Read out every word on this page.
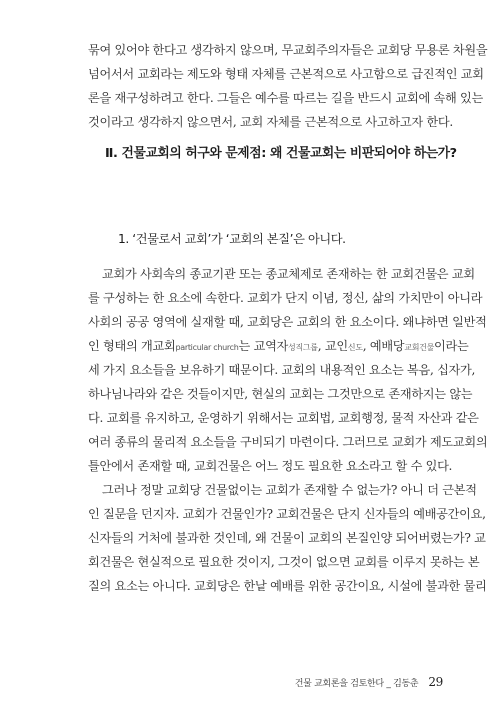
묶여 있어야 한다고 생각하지 않으며, 무교회주의자들은 교회당 무용론 차원을
넘어서서 교회라는 제도와 형태 자체를 근본적으로 사고함으로 급진적인 교회
론을 재구성하려고 한다. 그들은 예수를 따르는 길을 반드시 교회에 속해 있는
것이라고 생각하지 않으면서, 교회 자체를 근본적으로 사고하고자 한다.
Ⅱ. 건물교회의 허구와 문제점: 왜 건물교회는 비판되어야 하는가?
1. ‘건물로서 교회’가 ‘교회의 본질’은 아니다.
교회가 사회속의 종교기관 또는 종교체제로 존재하는 한 교회건물은 교회
를 구성하는 한 요소에 속한다. 교회가 단지 이념, 정신, 삶의 가치만이 아니라
사회의 공공 영역에 실재할 때, 교회당은 교회의 한 요소이다. 왜냐하면 일반적
인 형태의 개교회particular church는 교역자성직그룹, 교인신도, 예배당교회건물이라는
세 가지 요소들을 보유하기 때문이다. 교회의 내용적인 요소는 복음, 십자가,
하나님나라와 같은 것들이지만, 현실의 교회는 그것만으로 존재하지는 않는
다. 교회를 유지하고, 운영하기 위해서는 교회법, 교회행정, 물적 자산과 같은
여러 종류의 물리적 요소들을 구비되기 마련이다. 그러므로 교회가 제도교회의
틀안에서 존재할 때, 교회건물은 어느 정도 필요한 요소라고 할 수 있다.
그러나 정말 교회당 건물없이는 교회가 존재할 수 없는가? 아니 더 근본적
인 질문을 던지자. 교회가 건물인가? 교회건물은 단지 신자들의 예배공간이요,
신자들의 거처에 불과한 것인데, 왜 건물이 교회의 본질인양 되어버렸는가? 교
회건물은 현실적으로 필요한 것이지, 그것이 없으면 교회를 이루지 못하는 본
질의 요소는 아니다. 교회당은 한낱 예배를 위한 공간이요, 시설에 불과한 물리
건물 교회론을 검토한다 _ 김동춘 29
